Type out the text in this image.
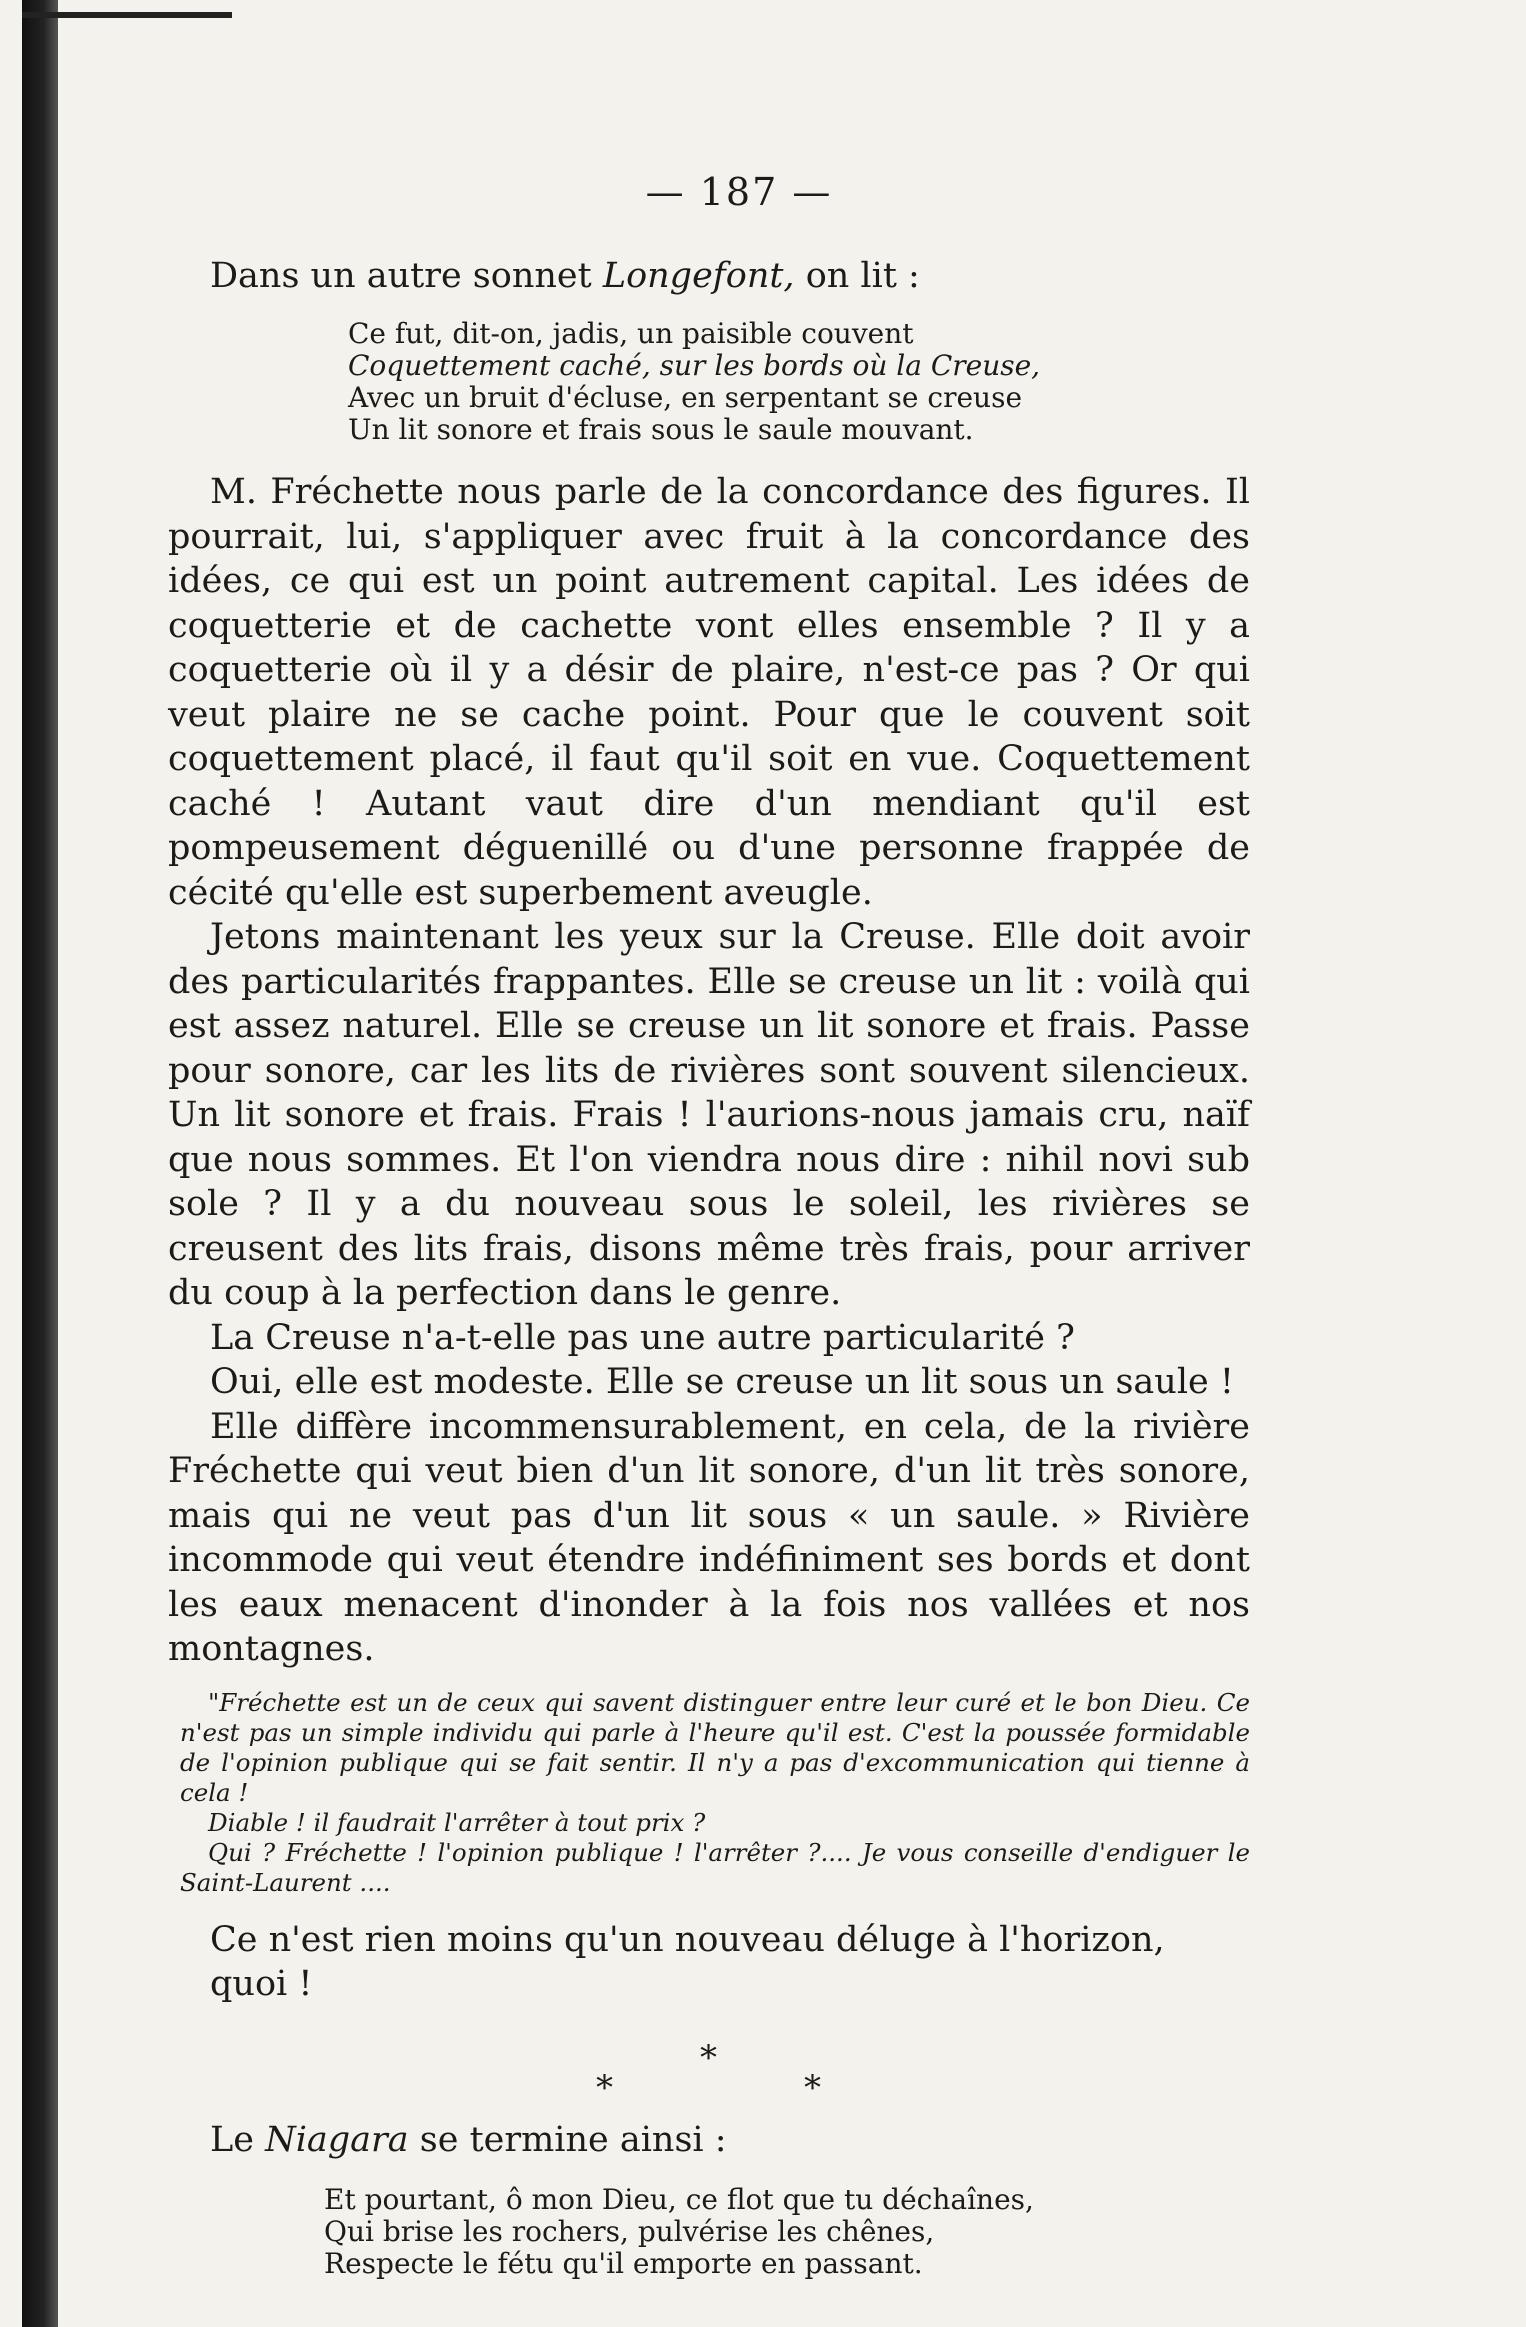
— 187 —
Dans un autre sonnet Longefont, on lit :
Ce fut, dit-on, jadis, un paisible couvent
Coquettement caché, sur les bords où la Creuse,
Avec un bruit d'écluse, en serpentant se creuse
Un lit sonore et frais sous le saule mouvant.

M. Fréchette nous parle de la concordance des figures. Il pourrait, lui, s'appliquer avec fruit à la concordance des idées, ce qui est un point autrement capital. Les idées de coquetterie et de cachette vont elles ensemble ? Il y a coquetterie où il y a désir de plaire, n'est-ce pas ? Or qui veut plaire ne se cache point. Pour que le couvent soit coquettement placé, il faut qu'il soit en vue. Coquettement caché ! Autant vaut dire d'un mendiant qu'il est pompeusement déguenillé ou d'une personne frappée de cécité qu'elle est superbement aveugle.

Jetons maintenant les yeux sur la Creuse. Elle doit avoir des particularités frappantes. Elle se creuse un lit : voilà qui est assez naturel. Elle se creuse un lit sonore et frais. Passe pour sonore, car les lits de rivières sont souvent silencieux. Un lit sonore et frais. Frais ! l'aurions-nous jamais cru, naïf que nous sommes. Et l'on viendra nous dire : nihil novi sub sole ? Il y a du nouveau sous le soleil, les rivières se creusent des lits frais, disons même très frais, pour arriver du coup à la perfection dans le genre.

La Creuse n'a-t-elle pas une autre particularité ?

Oui, elle est modeste. Elle se creuse un lit sous un saule !

Elle diffère incommensurablement, en cela, de la rivière Fréchette qui veut bien d'un lit sonore, d'un lit très sonore, mais qui ne veut pas d'un lit sous « un saule. » Rivière incommode qui veut étendre indéfiniment ses bords et dont les eaux menacent d'inonder à la fois nos vallées et nos montagnes.

"Fréchette est un de ceux qui savent distinguer entre leur curé et le bon Dieu. Ce n'est pas un simple individu qui parle à l'heure qu'il est. C'est la poussée formidable de l'opinion publique qui se fait sentir. Il n'y a pas d'excommunication qui tienne à cela !
Diable ! il faudrait l'arrêter à tout prix ?
Qui ? Fréchette ! l'opinion publique ! l'arrêter ?.... Je vous conseille d'endiguer le Saint-Laurent ....
Ce n'est rien moins qu'un nouveau déluge à l'horizon, quoi !
*
*
*
Le Niagara se termine ainsi :
Et pourtant, ô mon Dieu, ce flot que tu déchaînes,
Qui brise les rochers, pulvérise les chênes,
Respecte le fétu qu'il emporte en passant.
